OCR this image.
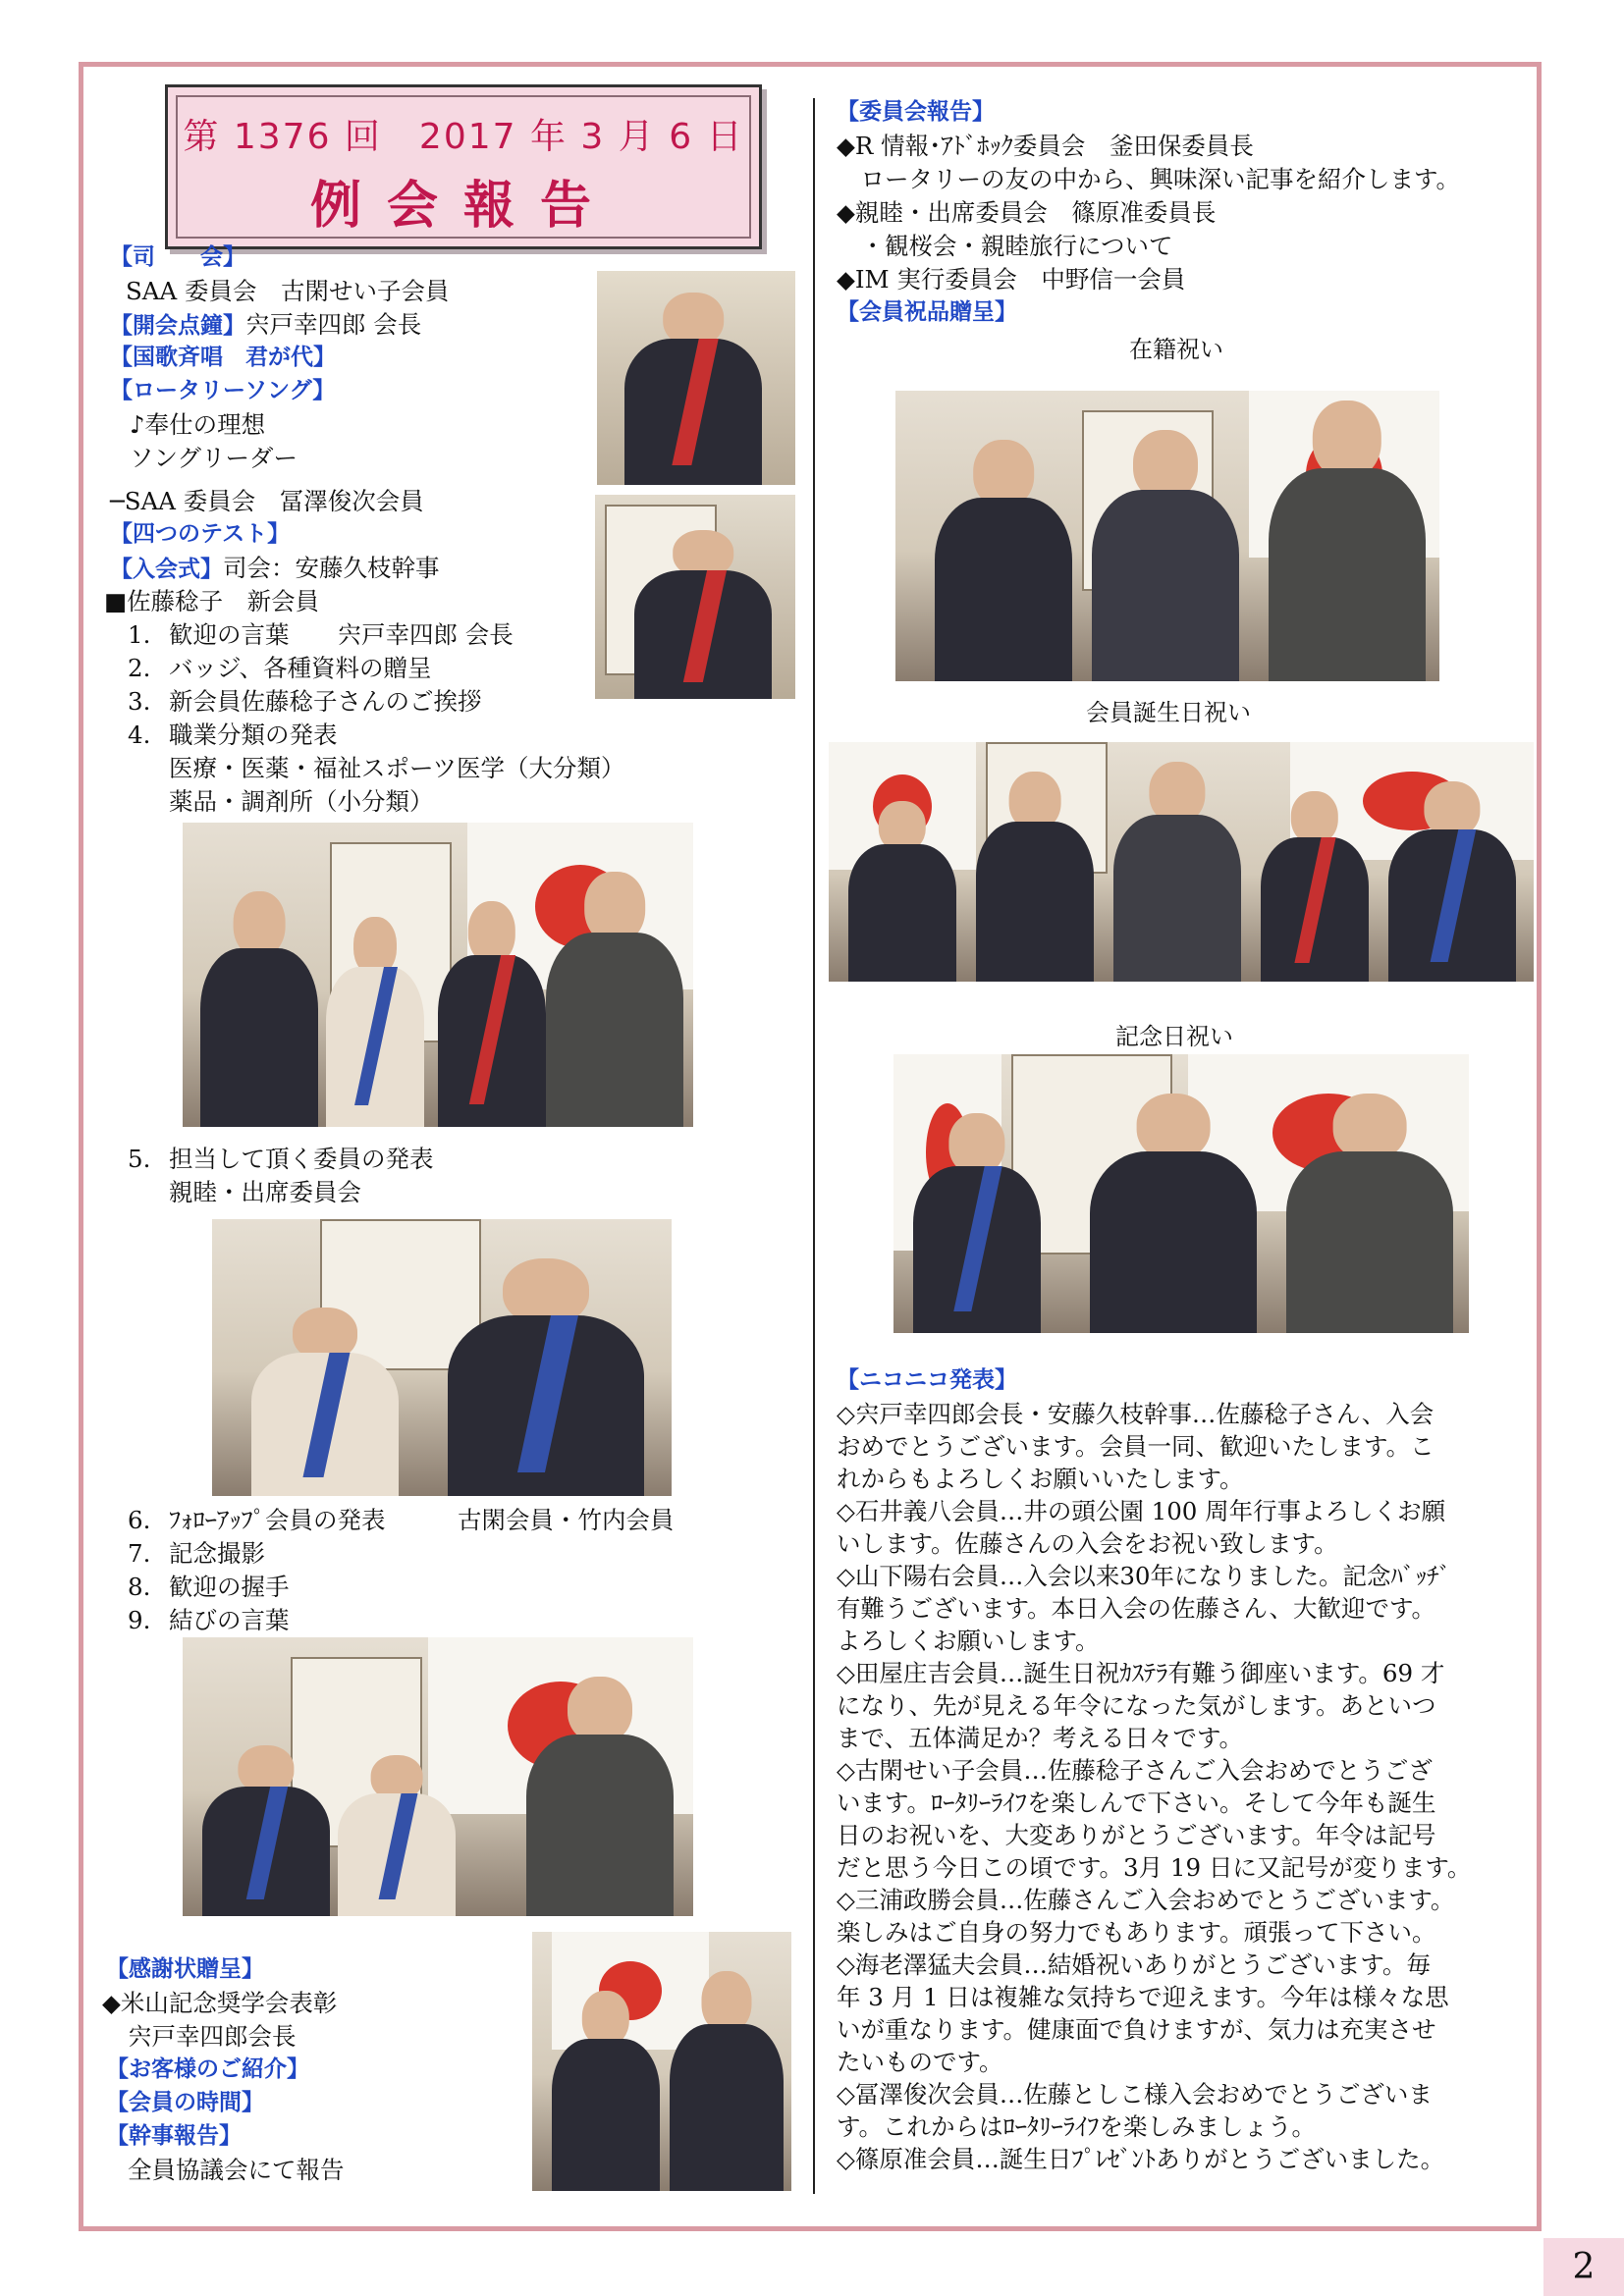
第 1376 回　2017 年 3 月 6 日
例会報告
【司　　会】
SAA 委員会　古閑せい子会員
【開会点鐘】宍戸幸四郎 会長
【国歌斉唱　君が代】
【ロータリーソング】
♪奉仕の理想
ソングリーダー
─SAA 委員会　冨澤俊次会員
【四つのテスト】
【入会式】司会：安藤久枝幹事
■佐藤稔子　新会員
1. 歓迎の言葉　　宍戸幸四郎 会長
2. バッジ、各種資料の贈呈
3. 新会員佐藤稔子さんのご挨拶
4. 職業分類の発表
医療・医薬・福祉スポーツ医学（大分類）
薬品・調剤所（小分類）
5. 担当して頂く委員の発表
親睦・出席委員会
6. ﾌｫﾛｰｱｯﾌﾟ会員の発表　　　古閑会員・竹内会員
7. 記念撮影
8. 歓迎の握手
9. 結びの言葉
【感謝状贈呈】
◆米山記念奨学会表彰
宍戸幸四郎会長
【お客様のご紹介】
【会員の時間】
【幹事報告】
全員協議会にて報告
【委員会報告】
◆R 情報･ｱﾄﾞﾎｯｸ委員会　釜田保委員長
　ロータリーの友の中から、興味深い記事を紹介します。
◆親睦・出席委員会　篠原准委員長
　・観桜会・親睦旅行について
◆IM 実行委員会　中野信一会員
【会員祝品贈呈】
在籍祝い
会員誕生日祝い
記念日祝い
【ニコニコ発表】
◇宍戸幸四郎会長・安藤久枝幹事…佐藤稔子さん、入会
おめでとうございます。会員一同、歓迎いたします。こ
れからもよろしくお願いいたします。
◇石井義八会員…井の頭公園 100 周年行事よろしくお願
いします。佐藤さんの入会をお祝い致します。
◇山下陽右会員…入会以来30年になりました。記念ﾊﾞｯﾁﾞ
有難うございます。本日入会の佐藤さん、大歓迎です。
よろしくお願いします。
◇田屋庄吉会員…誕生日祝ｶｽﾃﾗ有難う御座います。69 才
になり、先が見える年令になった気がします。あといつ
まで、五体満足か？考える日々です。
◇古閑せい子会員…佐藤稔子さんご入会おめでとうござ
います。ﾛｰﾀﾘｰﾗｲﾌを楽しんで下さい。そして今年も誕生
日のお祝いを、大変ありがとうございます。年令は記号
だと思う今日この頃です。3月 19 日に又記号が変ります。
◇三浦政勝会員…佐藤さんご入会おめでとうございます。
楽しみはご自身の努力でもあります。頑張って下さい。
◇海老澤猛夫会員…結婚祝いありがとうございます。毎
年 3 月 1 日は複雑な気持ちで迎えます。今年は様々な思
いが重なります。健康面で負けますが、気力は充実させ
たいものです。
◇冨澤俊次会員…佐藤としこ様入会おめでとうございま
す。これからはﾛｰﾀﾘｰﾗｲﾌを楽しみましょう。
◇篠原准会員…誕生日ﾌﾟﾚｾﾞﾝﾄありがとうございました。
2
